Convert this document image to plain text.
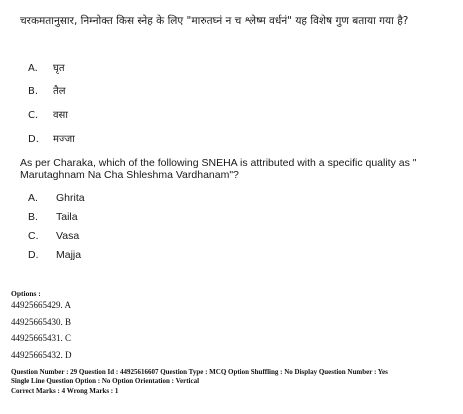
चरकमतानुसार, निम्नोक्त किस स्नेह के लिए "मारुतघ्नं न च श्लेष्म वर्धनं" यह विशेष गुण बताया गया है?
A. घृत
B. तैल
C. वसा
D. मज्जा
As per Charaka, which of the following SNEHA is attributed with a specific quality as " Marutaghnam Na Cha Shleshma Vardhanam"?
A. Ghrita
B. Taila
C. Vasa
D. Majja
Options :
44925665429. A
44925665430. B
44925665431. C
44925665432. D
Question Number : 29 Question Id : 44925616607 Question Type : MCQ Option Shuffling : No Display Question Number : Yes
Single Line Question Option : No Option Orientation : Vertical
Correct Marks : 4 Wrong Marks : 1
